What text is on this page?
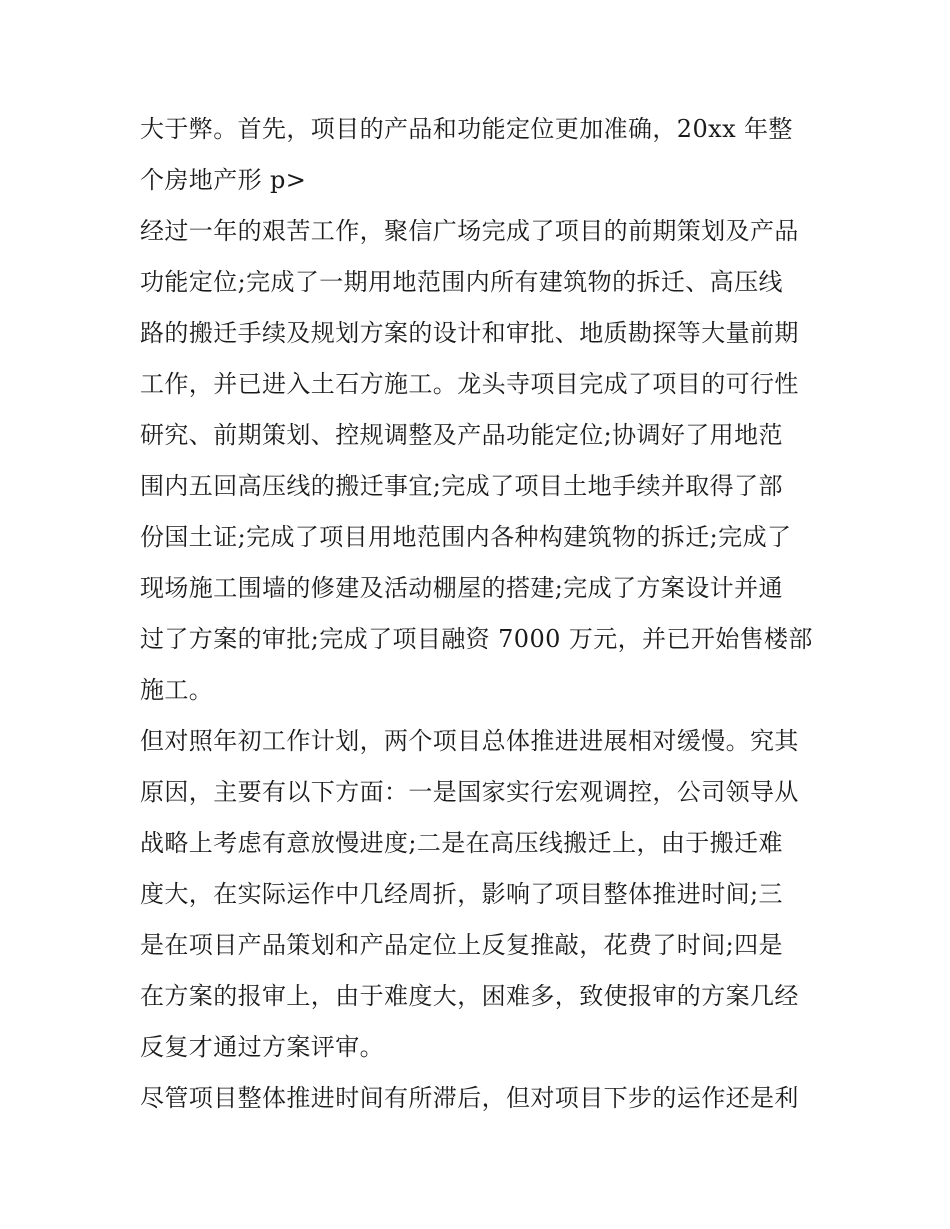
大于弊。首先，项目的产品和功能定位更加准确，20xx 年整
个房地产形 p>
经过一年的艰苦工作，聚信广场完成了项目的前期策划及产品
功能定位;完成了一期用地范围内所有建筑物的拆迁、高压线
路的搬迁手续及规划方案的设计和审批、地质勘探等大量前期
工作，并已进入土石方施工。龙头寺项目完成了项目的可行性
研究、前期策划、控规调整及产品功能定位;协调好了用地范
围内五回高压线的搬迁事宜;完成了项目土地手续并取得了部
份国土证;完成了项目用地范围内各种构建筑物的拆迁;完成了
现场施工围墙的修建及活动棚屋的搭建;完成了方案设计并通
过了方案的审批;完成了项目融资 7000 万元，并已开始售楼部
施工。
但对照年初工作计划，两个项目总体推进进展相对缓慢。究其
原因，主要有以下方面：一是国家实行宏观调控，公司领导从
战略上考虑有意放慢进度;二是在高压线搬迁上，由于搬迁难
度大，在实际运作中几经周折，影响了项目整体推进时间;三
是在项目产品策划和产品定位上反复推敲，花费了时间;四是
在方案的报审上，由于难度大，困难多，致使报审的方案几经
反复才通过方案评审。
尽管项目整体推进时间有所滞后，但对项目下步的运作还是利
